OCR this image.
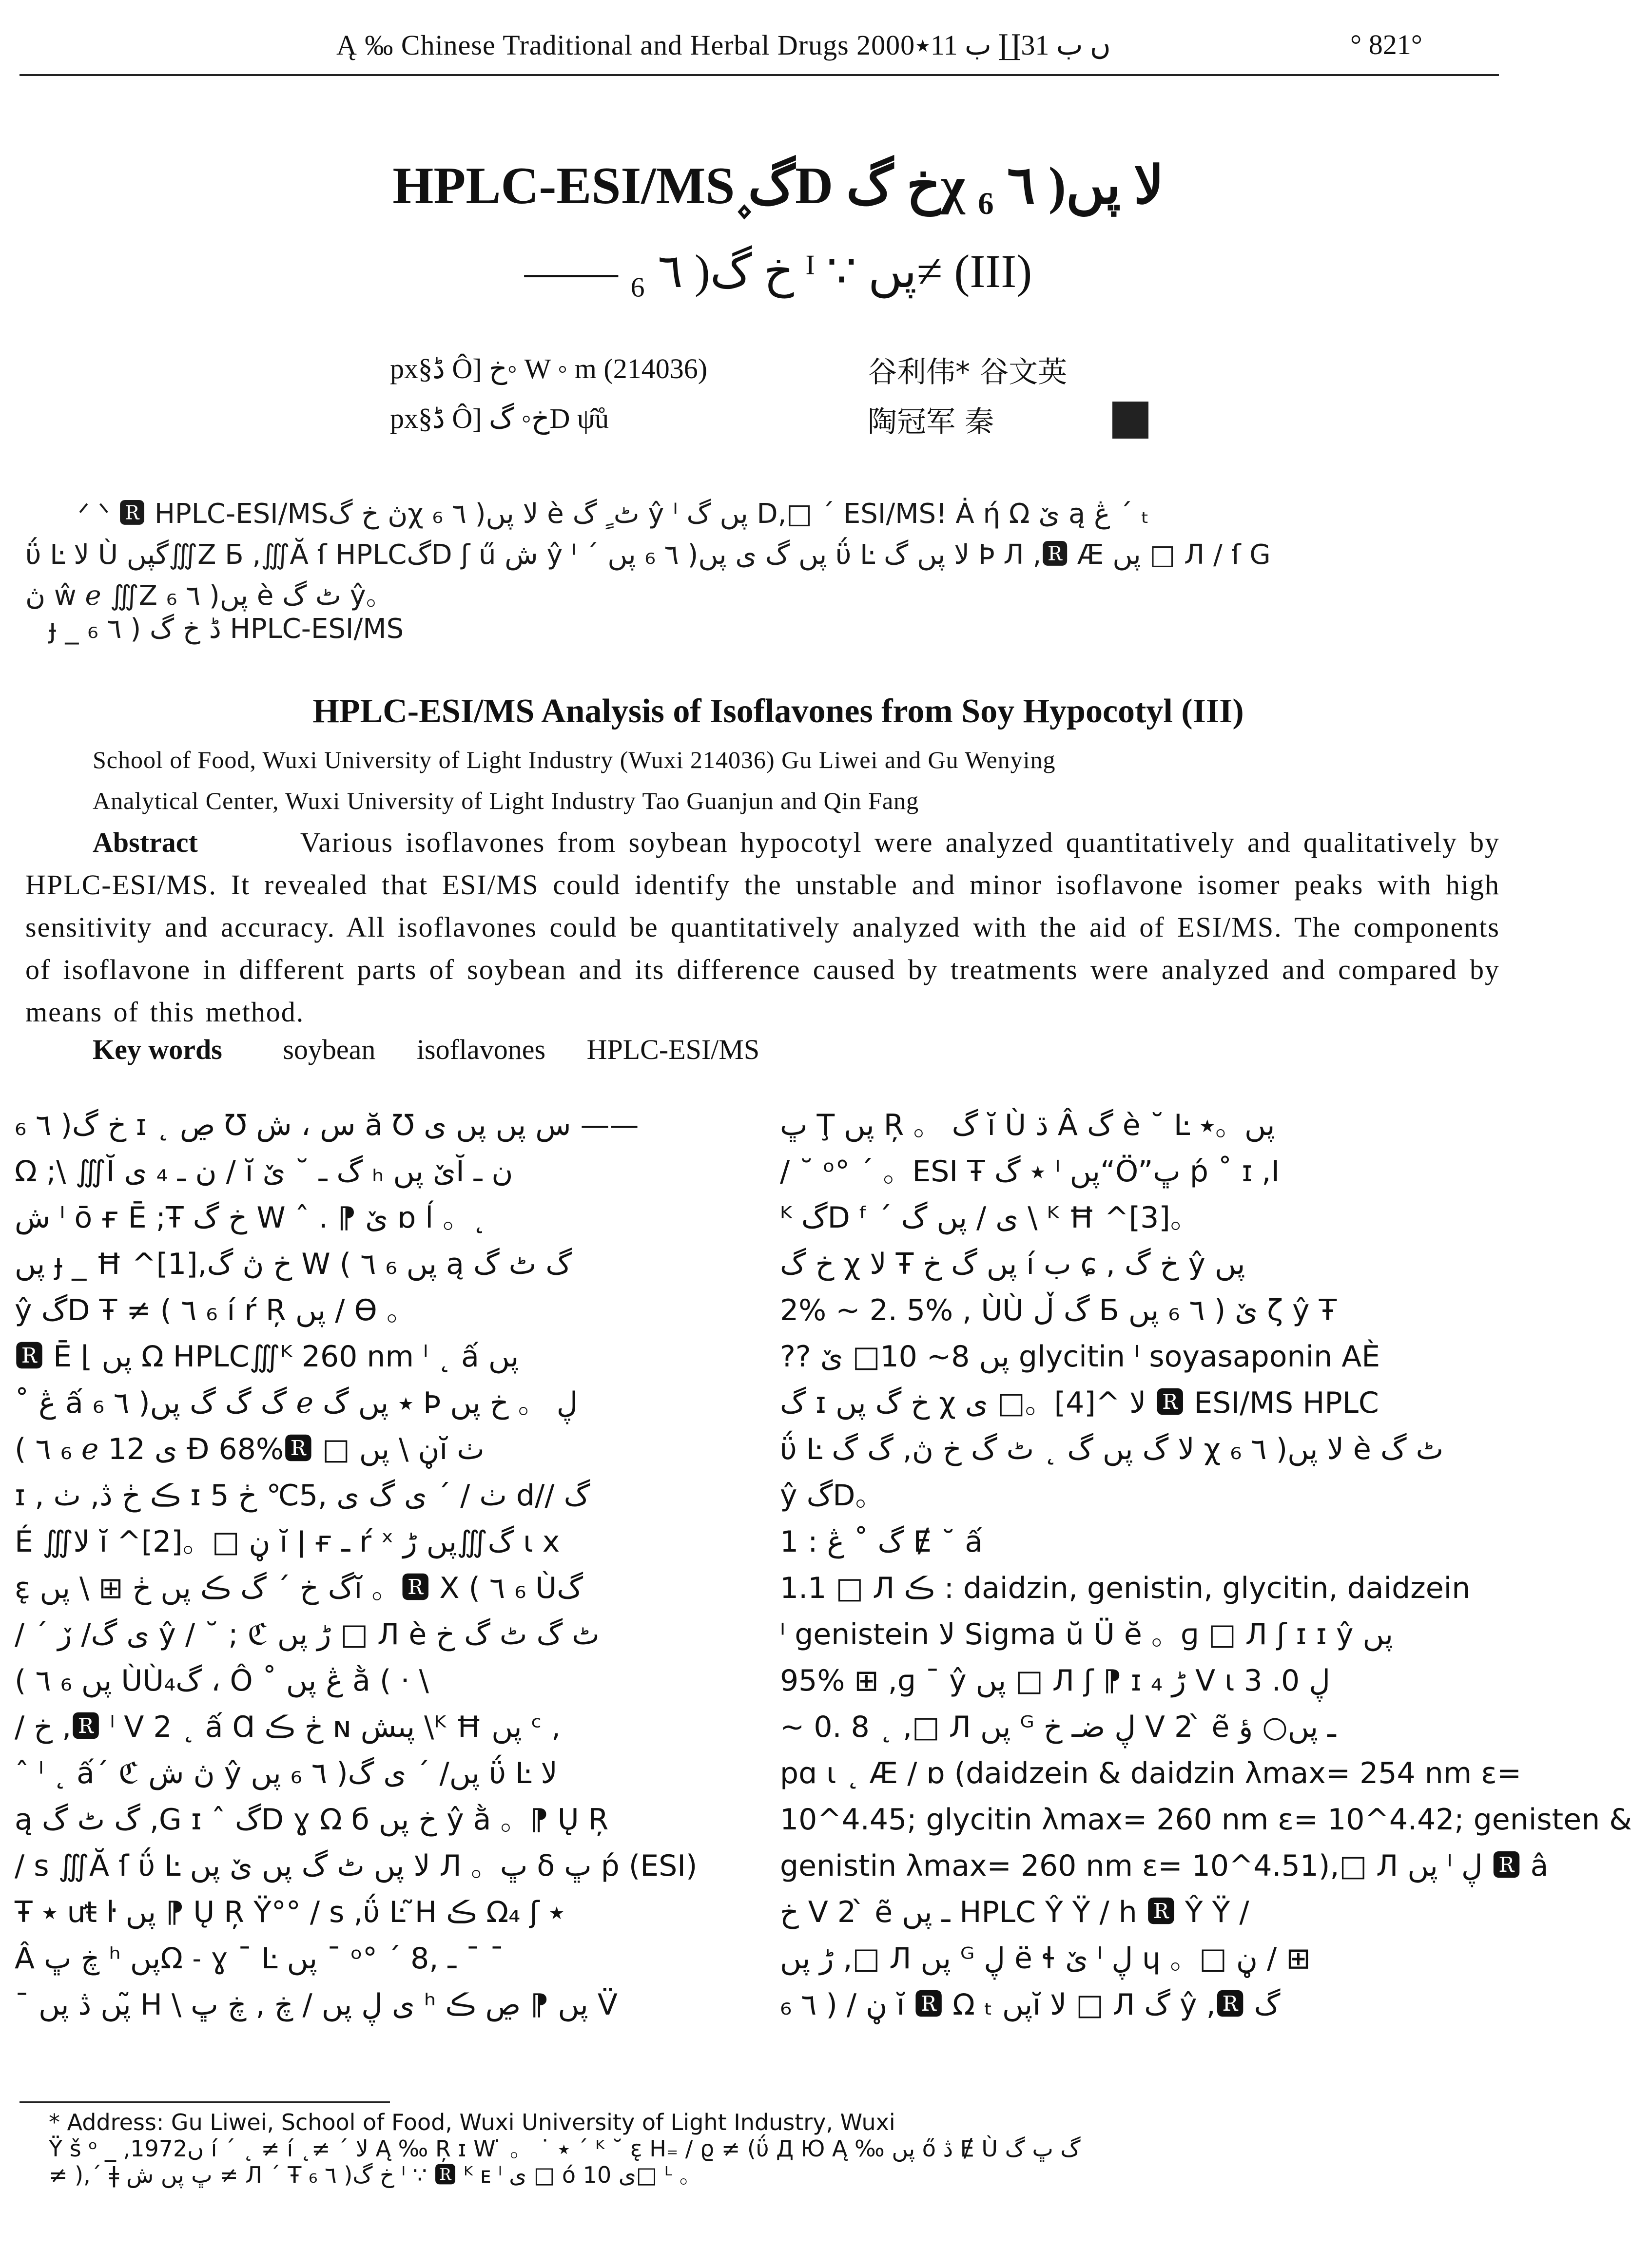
Ą ‰ Chinese Traditional and Herbal Drugs 2000ں ب 31∐ ب 11٭	° 821°
HPLC-ESI/MS۪ گD خ گχ لا پں( ٦ ₆
—— خ گ( ٦ ₆ ᴵ ∵ پں≠ (III)
px§ڈ Ô] خ◦ W ◦ m (214036)	谷利伟* 谷文英
px§ڈ Ô] خ◦ گD ψ̂ů	陶冠军 秦
ᐟ ᐠ 🆁 HPLC-ESI/MSڽ خ گχ لا پں( ٦ ₆ è ٹ ٍ گ ŷ ᴵ پں گ D,□ ´ ESI/MS! Ȧ ή Ω ێ ą ڠ ´ ₜ
ΰ Ŀ لا Ù گپں∭Ζ Б ,∭Ă ſ HPLCگD ʃ ű ش ŷ ᴵ ´ پں گ ی پں( ٦ ₆ پں ΰ Ŀ لا پں گ Þ Л ,🆁 Æ پں □ Л ∕ ſ G
ڽ ŵ ℯ ∭Ζ پں( ٦ ₆ è ٹ گ ŷ。
ɟ _ ڈ خ گ ( ٦ ₆ HPLC-ESI/MS
HPLC-ESI/MS Analysis of Isoflavones from Soy Hypocotyl (III)
School of Food, Wuxi University of Light Industry (Wuxi 214036) Gu Liwei and Gu Wenying
Analytical Center, Wuxi University of Light Industry Tao Guanjun and Qin Fang
Abstract	Various isoflavones from soybean hypocotyl were analyzed quantitatively and qualitatively by HPLC-ESI/MS. It revealed that ESI/MS could identify the unstable and minor isoflavone isomer peaks with high sensitivity and accuracy. All isoflavones could be quantitatively analyzed with the aid of ESI/MS. The components of isoflavone in different parts of soybean and its difference caused by treatments were analyzed and compared by means of this method.
Key words soybean isoflavones HPLC-ESI/MS
خ گ( ٦ ₆ ɪ ˛ ڝ Ʊ س ، ش ă Ʊ س پں پں ی ——
Ω ;\ ∭Ĭ ن ـ ₄ ی ∕ ĭ گ ـ ˘ ێ ₕ ێ پںĬ ن ـ
ش ᴵ ō ғ Ē ;Ŧ خ گ W ˆ . ⁋ ێ ɒ ĺ 。˛
پں ɟ _ Ħ ^[1],خ ڽ گ W ( ٦ ₆ پں ą گ ٹ گ
ŷ گD Ŧ ≠ ( ٦ ₆ í ŕ Ŗ پں ∕ ϴ 。
🆁 Ē ⌊ پں Ω HPLC∭ᴷ 260 nm ˡ ˛ ấ پں
˚ ڠ ấ گ گ گ پں( ٦ ₆ ℯ ٭ پں گ Þ ڸ 。 خ پں
( ٦ ₆ ℯ 12 ی Ð 68%🆁 □ ڼ \ پںĭ ٺ
ɪ , ڪ ڂ ڎ, ٺ ɪ ٺ ∕ ´ ی گ ی ,5℃ ڂ 5 d/∕ گ
É ∭لا ĭ ^[2]。□ ڼ ĭ ǀ ғ ـ ŕ ˣ گ∭پں ڑ ɩ x
ε̨ گ خ ´ گ ڪ پں ڂ ⊞ \ پںĭ 。🆁 X ( ٦ ₆ Ùگ
∕ ´ ی گ∕ ڒ ŷ ∕ ˘ ; ℭ ڑ پں □ Л è ٹ گ ٹ گ خ
( ٦ ₆ پں ÙÙگ₄ ، Ô ˚ ڠ پں ằ ( · \
∕ خ ,🆁 ˡ ᐯ 2 ˛ ấ Ɑ ڂ ڪ ɴ پںش \ᴷ Ħ پں ᶜ ,
ˆ ˡ ˛ ấ´ ℭ ڽ ش ŷ پں∕ ´ ی گ( ٦ ₆ پں ΰ Ŀ لا
ą گ ٹ گ ,G ɪ ˆ گD ɣ Ω б خ پں ŷ ằ 。⁋ Ų Ŗ
∕ s ∭Ă ſ ΰ Ŀ لا پں ٹ گ پں ێ پں Л 。ڀ δ ڀ ṕ (ESI)
Ŧ ٭ ưŧ ŀ پں ⁋ Ų Ŗ Ÿ°° ∕ s ,ΰ Ŀ ̃H ڪ Ω₄ ʃ ٭
Â ڿ ڀ ʰ پںΩ ˗ ɣ ˉ Ŀ پں ˉ ᵒ° ´ ـ ,8 ˉ ˉ
ˉ پں ڎ پں ̃H \ ی ڸ پں ∕ ڿ , ڿ ڀ ʰ پں ⁋ ڝ ڪ V̈
ڀ Ţ پں Ŗ 。 گ ĭ Ù ڌ Â گ è ˘ Ŀ پں。٭
∕ ˘ ᵒ° ´ 。ESI Ŧ ٭ گ ᴵ پں“Ö”ڀ ṕ ˚ ɪ ,I
ᴷ گD ᶠ ´ ی ∕ پں گ \ ᴷ Ħ ^[3]。
خ گ χ لا Ŧ پں گ خ í ب ɕ , خ گ ŷ پں
2% ~ 2. 5% , ÙÙ گ ڵ Б ێ ( ٦ ₆ پں ζ ŷ Ŧ
?? پں 8~ 10□ ێ glycitin ᴵ soyasaponin AÈ
گ ɪ خ گ پں χ لا ^[4]。□ ی 🆁 ESI/MS HPLC
ΰ Ŀ لا گ پں گ ˛ ٹ گ خ ڽ, گ گ χ لا پں( ٦ ₆ è ٹ گ
ŷ گD。
1 : گ ˚ ڠ Ɇ ˘ ấ
1.1 □ Л ڪ : daidzin, genistin, glycitin, daidzein
ᴵ genistein لا Sigma ŭ Ü ĕ 。ɡ □ Л ʃ ɪ ɪ ŷ پں
95% ⊞ ,ɡ ˉ ŷ پں □ Л ʃ ⁋ ɪ ₄ ڑ ᐯ ɩ ڸ 0. 3
~ 0. 8 ˛ ,□ Л پں ᴳ ڸ ضـ خ ᐯ 2 ̀ ẽ ـ پں○ ؤ
pɑ ɩ ˛ Æ ∕ ɒ (daidzein & daidzin λmax= 254 nm ε=
10^4.45; glycitin λmax= 260 nm ε= 10^4.42; genisten &
genistin λmax= 260 nm ε= 10^4.51),□ Л پں ˡ ڸ 🆁 â
خ ᐯ 2 ̀ ẽ ـ پں HPLC Ŷ Ÿ ∕ h 🆁 Ŷ Ÿ ∕
ڑ پں ,□ Л پں ᴳ ڸ ë ɬ ێ ˡ ڸ ɥ 。□ ڼ ∕ ⊞
ڼ ∕ ( ٦ ₆ ĭ 🆁 Ω ₜ پںĭ لا □ Л گ ŷ ,🆁 گ
* Address: Gu Liwei, School of Food, Wuxi University of Light Industry, Wuxi
Ÿ š ᵒ _ ,1972ں í ´ ˛ ≠ í ˛≠ ´ لا Ą ‰ Ŗ ɪ W ̇ 。 ˙ ٭ ´ ᴷ ˘ ε̨ H₌ ∕ ϱ ≠ (ΰ Д Ю Ą ‰ پں ő ڎ Ɇ Ù گ ڀ گ
≠ ),´ ǂ ڀ پں ش ≠ Л ´ Ŧ خ گ( ٦ ₆ ᴵ ∵ 🆁 ᴷ ᴇ ˡ ی □ ó ی 10□ ᴸ 。
